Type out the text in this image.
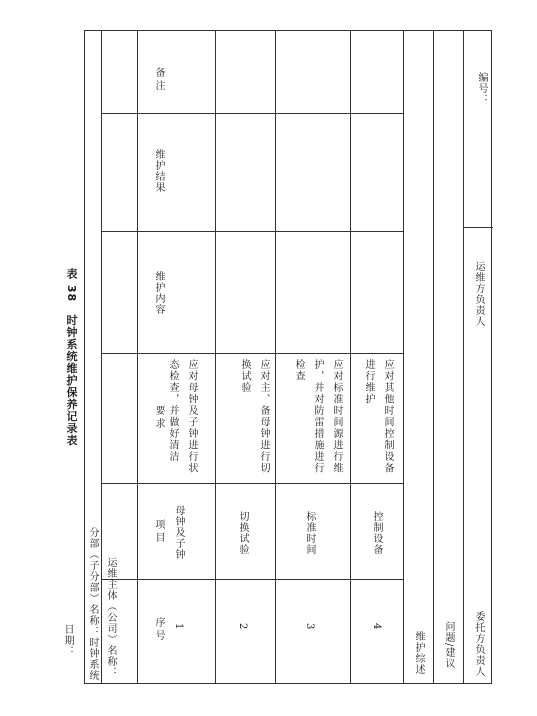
表 38　时钟系统维护保养记录表
编号：
日期： 分部（子分部）名称：时钟系统 运维主体（公司）名称：	序号
项目
要求
维护内容
维护结果
备注
1
母钟及子钟
应对母钟及子钟进行状态检查，并做好清洁
2
切换试验
应对主、备母钟进行切换试验
3
标准时间
应对标准时间源进行维护，并对防雷措施进行检查
4
控制设备
应对其他时间控制设备进行维护
维护综述 问题/建议 委托方负责人
运维方负责人
